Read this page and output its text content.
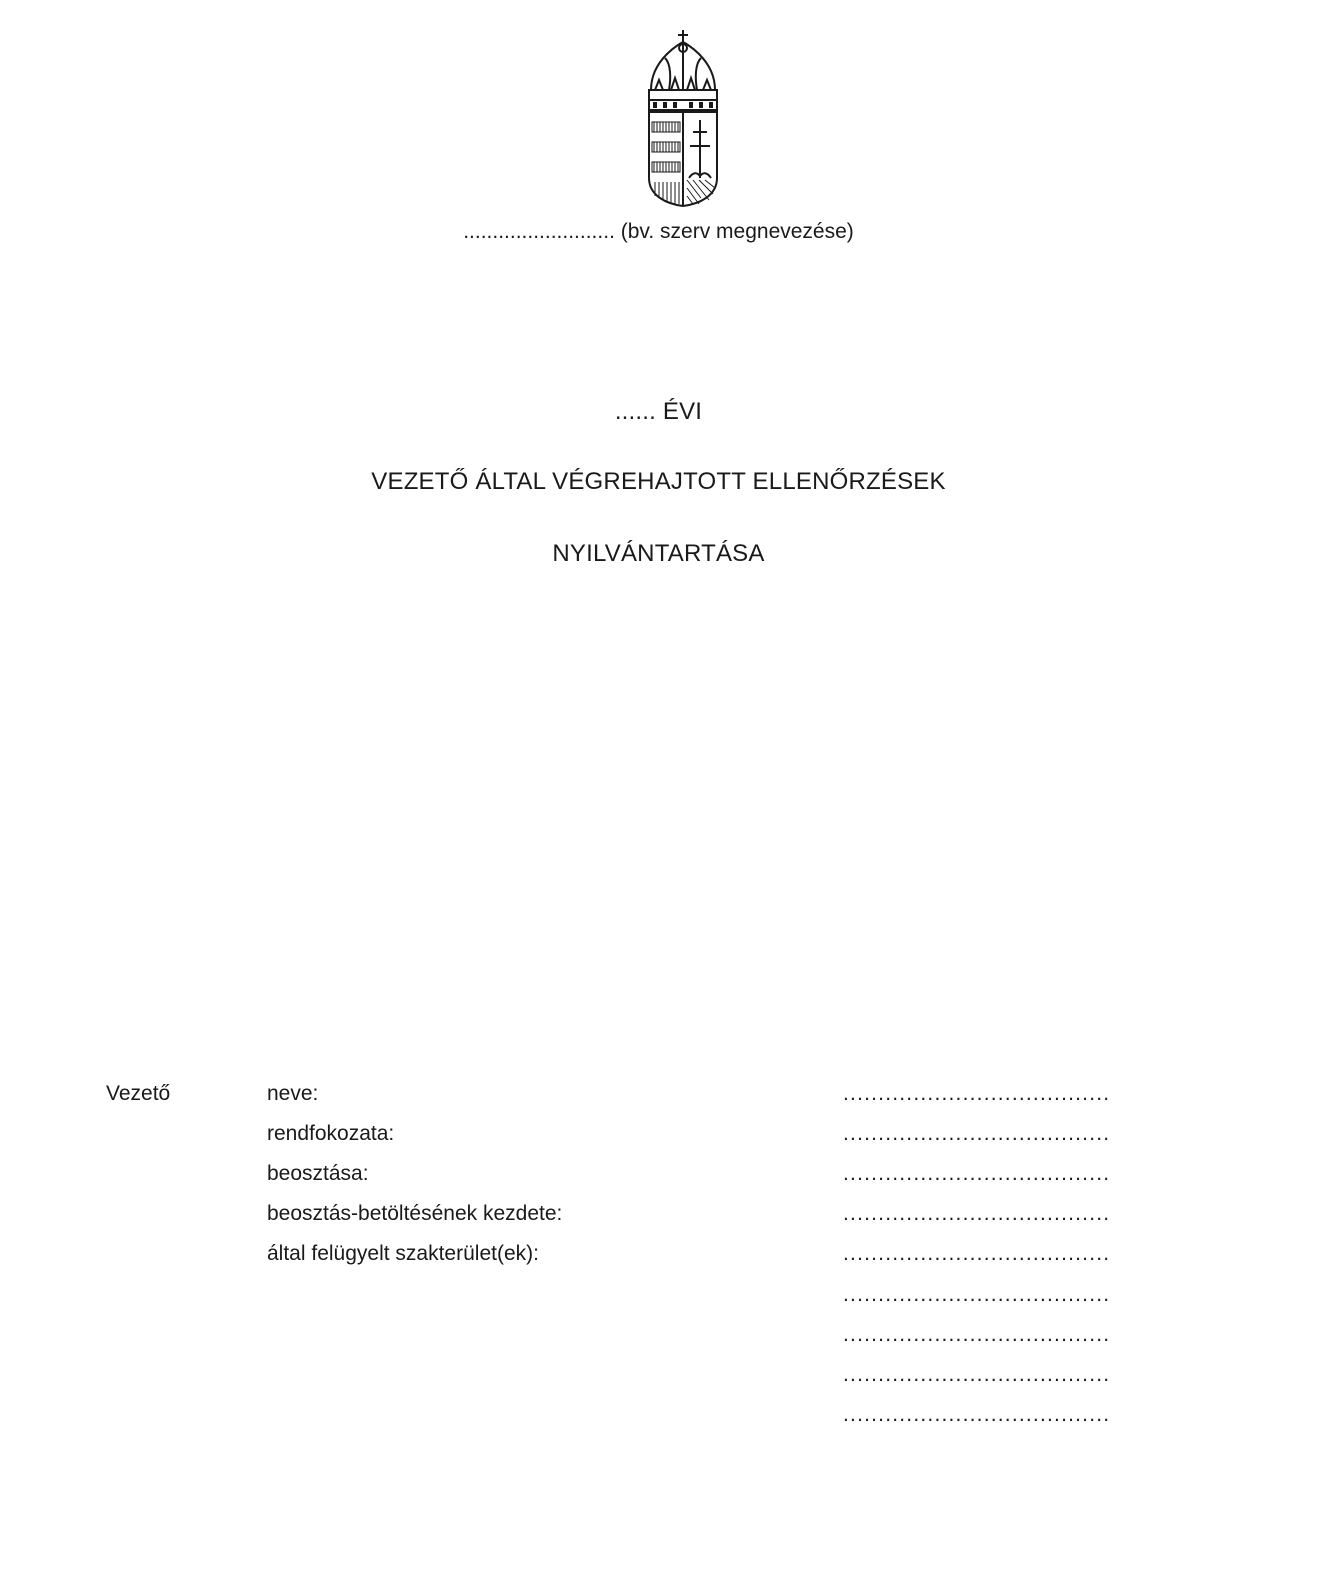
.......................... (bv. szerv megnevezése)
...... ÉVI
VEZETŐ ÁLTAL VÉGREHAJTOTT ELLENŐRZÉSEK
NYILVÁNTARTÁSA
Vezető	neve:	......................................
rendfokozata:	......................................
beosztása:	......................................
beosztás-betöltésének kezdete:	......................................
által felügyelt szakterület(ek):	......................................
......................................
......................................
......................................
......................................
